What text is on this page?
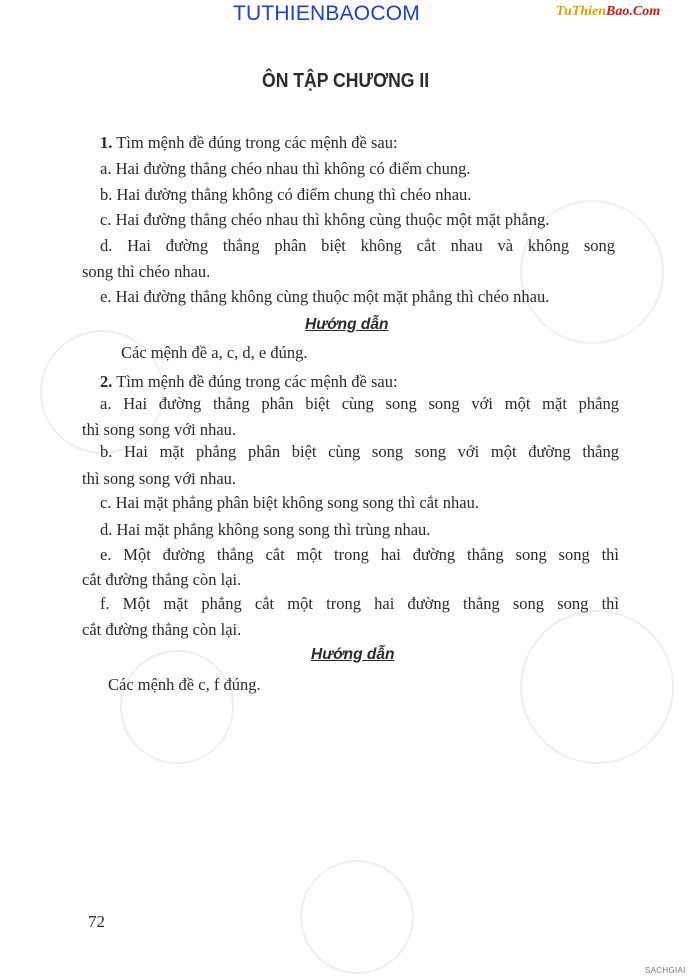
TUTHIENBAOCOM	TuThienBao.Com
ÔN TẬP CHƯƠNG II
1. Tìm mệnh đề đúng trong các mệnh đề sau:
a. Hai đường thẳng chéo nhau thì không có điểm chung.
b. Hai đường thẳng không có điểm chung thì chéo nhau.
c. Hai đường thẳng chéo nhau thì không cùng thuộc một mặt phẳng.
d. Hai đường thẳng phân biệt không cắt nhau và không song
song thì chéo nhau.
e. Hai đường thẳng không cùng thuộc một mặt phẳng thì chéo nhau.
Hướng dẫn
Các mệnh đề a, c, d, e đúng.
2. Tìm mệnh đề đúng trong các mệnh đề sau:
a. Hai đường thẳng phân biệt cùng song song với một mặt phẳng
thì song song với nhau.
b. Hai mặt phẳng phân biệt cùng song song với một đường thẳng
thì song song với nhau.
c. Hai mặt phẳng phân biệt không song song thì cắt nhau.
d. Hai mặt phẳng không song song thì trùng nhau.
e. Một đường thẳng cắt một trong hai đường thẳng song song thì
cắt đường thẳng còn lại.
f. Một mặt phẳng cắt một trong hai đường thẳng song song thì
cắt đường thẳng còn lại.
Hướng dẫn
Các mệnh đề c, f đúng.
72
SACHGIAI
